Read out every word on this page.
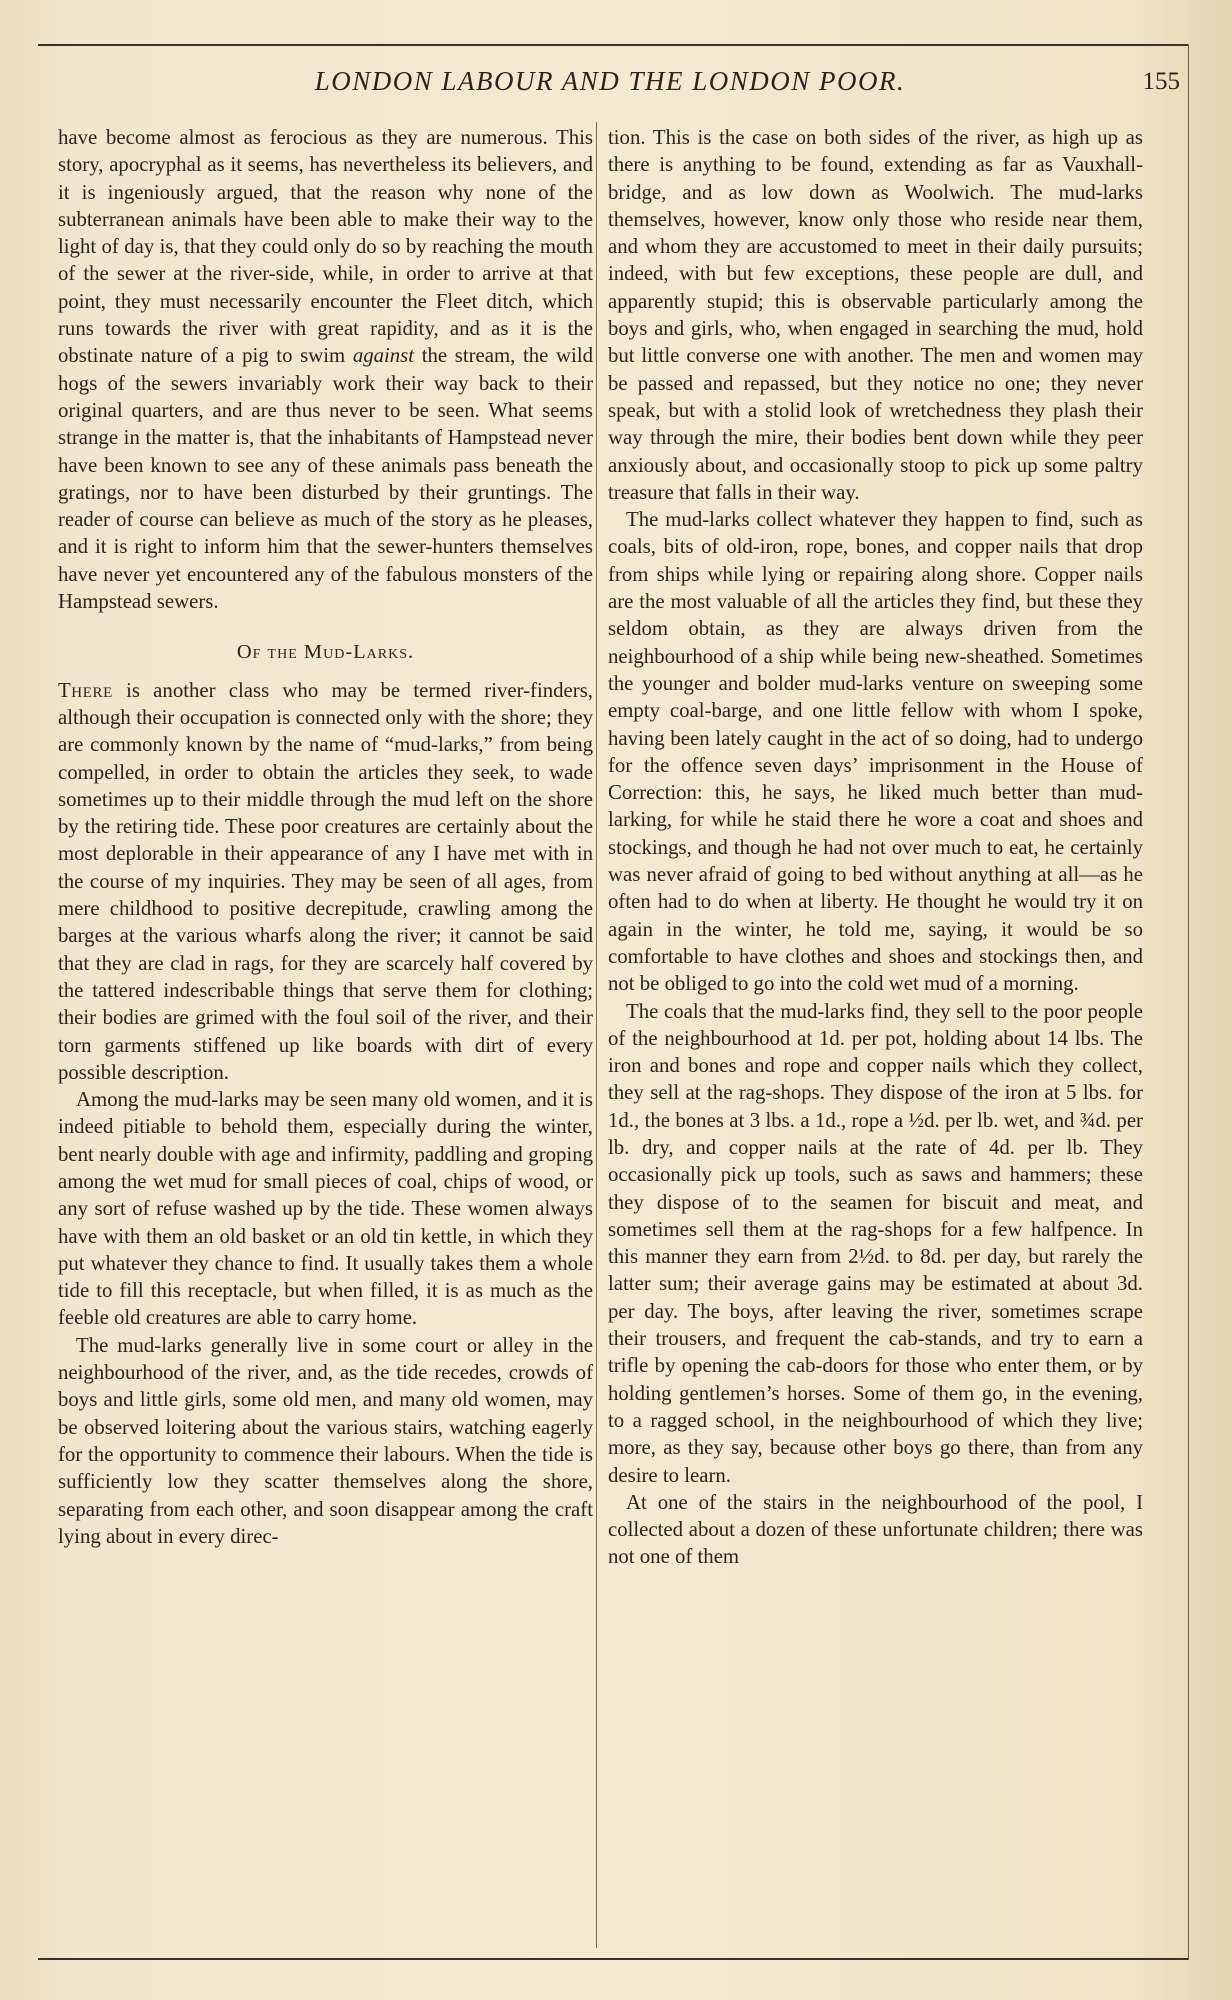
LONDON LABOUR AND THE LONDON POOR.	155

have become almost as ferocious as they are numerous. This story, apocryphal as it seems, has nevertheless its believers, and it is ingeniously argued, that the reason why none of the subterranean animals have been able to make their way to the light of day is, that they could only do so by reaching the mouth of the sewer at the river-side, while, in order to arrive at that point, they must necessarily encounter the Fleet ditch, which runs towards the river with great rapidity, and as it is the obstinate nature of a pig to swim against the stream, the wild hogs of the sewers invariably work their way back to their original quarters, and are thus never to be seen. What seems strange in the matter is, that the inhabitants of Hampstead never have been known to see any of these animals pass beneath the gratings, nor to have been disturbed by their gruntings. The reader of course can believe as much of the story as he pleases, and it is right to inform him that the sewer-hunters themselves have never yet encountered any of the fabulous monsters of the Hampstead sewers.

Of the Mud-Larks.

There is another class who may be termed river-finders, although their occupation is connected only with the shore; they are commonly known by the name of “mud-larks,” from being compelled, in order to obtain the articles they seek, to wade sometimes up to their middle through the mud left on the shore by the retiring tide. These poor creatures are certainly about the most deplorable in their appearance of any I have met with in the course of my inquiries. They may be seen of all ages, from mere childhood to positive decrepitude, crawling among the barges at the various wharfs along the river; it cannot be said that they are clad in rags, for they are scarcely half covered by the tattered indescribable things that serve them for clothing; their bodies are grimed with the foul soil of the river, and their torn garments stiffened up like boards with dirt of every possible description.

Among the mud-larks may be seen many old women, and it is indeed pitiable to behold them, especially during the winter, bent nearly double with age and infirmity, paddling and groping among the wet mud for small pieces of coal, chips of wood, or any sort of refuse washed up by the tide. These women always have with them an old basket or an old tin kettle, in which they put whatever they chance to find. It usually takes them a whole tide to fill this receptacle, but when filled, it is as much as the feeble old creatures are able to carry home.

The mud-larks generally live in some court or alley in the neighbourhood of the river, and, as the tide recedes, crowds of boys and little girls, some old men, and many old women, may be observed loitering about the various stairs, watching eagerly for the opportunity to commence their labours. When the tide is sufficiently low they scatter themselves along the shore, separating from each other, and soon disappear among the craft lying about in every direc-

tion. This is the case on both sides of the river, as high up as there is anything to be found, extending as far as Vauxhall-bridge, and as low down as Woolwich. The mud-larks themselves, however, know only those who reside near them, and whom they are accustomed to meet in their daily pursuits; indeed, with but few exceptions, these people are dull, and apparently stupid; this is observable particularly among the boys and girls, who, when engaged in searching the mud, hold but little converse one with another. The men and women may be passed and repassed, but they notice no one; they never speak, but with a stolid look of wretchedness they plash their way through the mire, their bodies bent down while they peer anxiously about, and occasionally stoop to pick up some paltry treasure that falls in their way.

The mud-larks collect whatever they happen to find, such as coals, bits of old-iron, rope, bones, and copper nails that drop from ships while lying or repairing along shore. Copper nails are the most valuable of all the articles they find, but these they seldom obtain, as they are always driven from the neighbourhood of a ship while being new-sheathed. Sometimes the younger and bolder mud-larks venture on sweeping some empty coal-barge, and one little fellow with whom I spoke, having been lately caught in the act of so doing, had to undergo for the offence seven days’ imprisonment in the House of Correction: this, he says, he liked much better than mud-larking, for while he staid there he wore a coat and shoes and stockings, and though he had not over much to eat, he certainly was never afraid of going to bed without anything at all—as he often had to do when at liberty. He thought he would try it on again in the winter, he told me, saying, it would be so comfortable to have clothes and shoes and stockings then, and not be obliged to go into the cold wet mud of a morning.

The coals that the mud-larks find, they sell to the poor people of the neighbourhood at 1d. per pot, holding about 14 lbs. The iron and bones and rope and copper nails which they collect, they sell at the rag-shops. They dispose of the iron at 5 lbs. for 1d., the bones at 3 lbs. a 1d., rope a ½d. per lb. wet, and ¾d. per lb. dry, and copper nails at the rate of 4d. per lb. They occasionally pick up tools, such as saws and hammers; these they dispose of to the seamen for biscuit and meat, and sometimes sell them at the rag-shops for a few halfpence. In this manner they earn from 2½d. to 8d. per day, but rarely the latter sum; their average gains may be estimated at about 3d. per day. The boys, after leaving the river, sometimes scrape their trousers, and frequent the cab-stands, and try to earn a trifle by opening the cab-doors for those who enter them, or by holding gentlemen’s horses. Some of them go, in the evening, to a ragged school, in the neighbourhood of which they live; more, as they say, because other boys go there, than from any desire to learn.

At one of the stairs in the neighbourhood of the pool, I collected about a dozen of these unfortunate children; there was not one of them
